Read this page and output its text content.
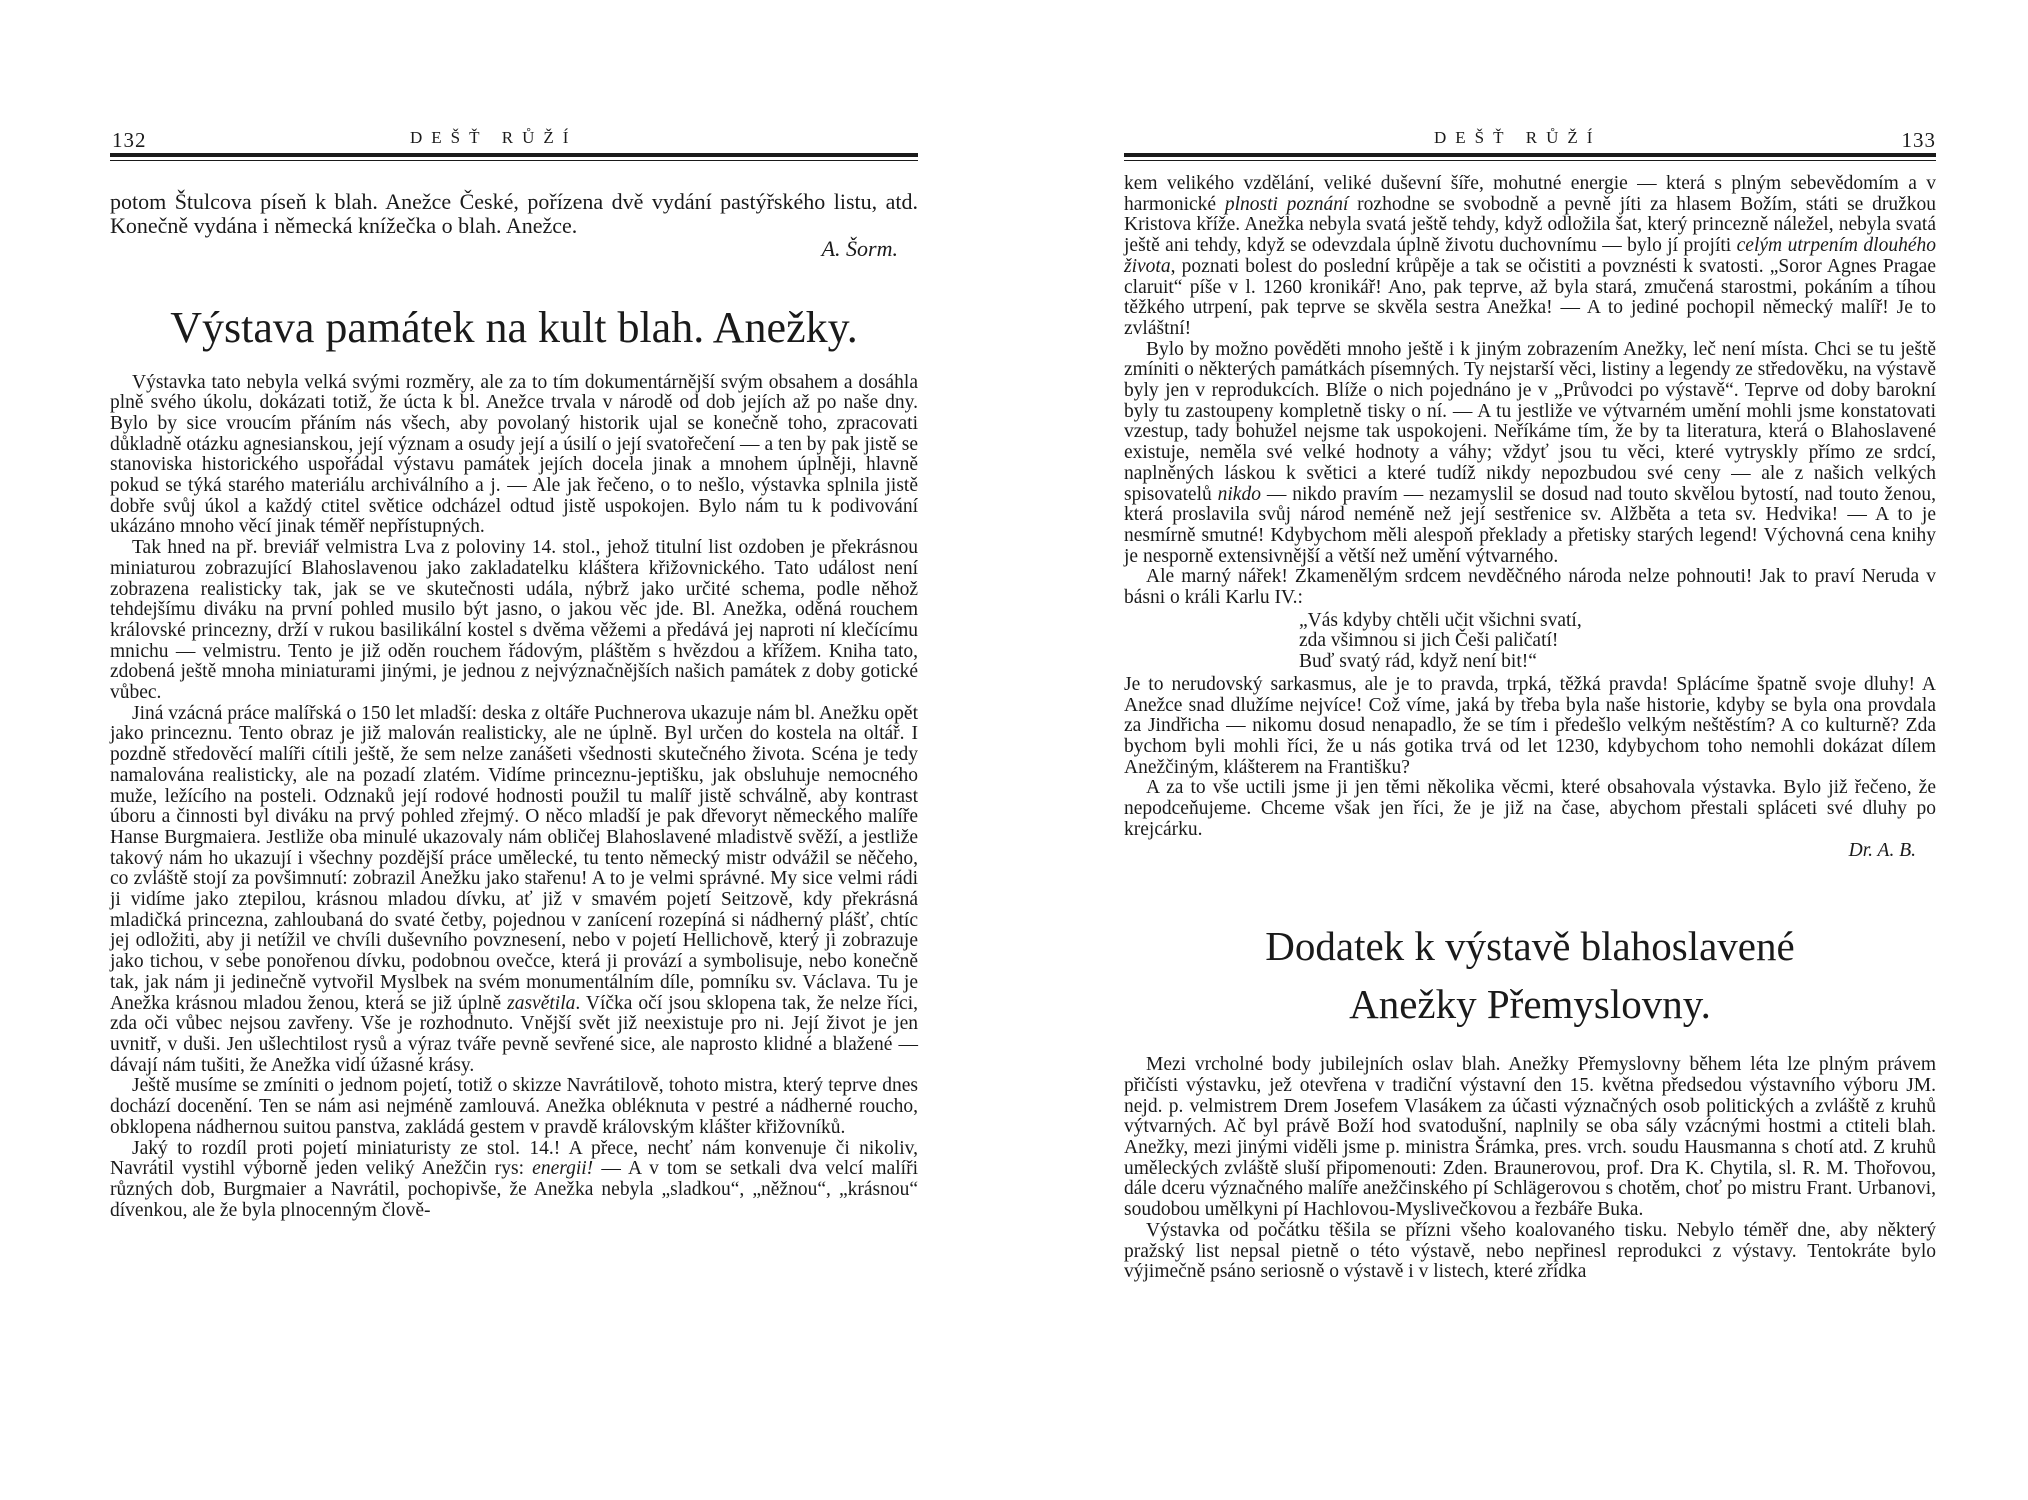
132	DEŠŤ RŮŽÍ

potom Štulcova píseň k blah. Anežce České, pořízena dvě vydání pastýřského listu, atd. Konečně vydána i německá knížečka o blah. Anežce.

A. Šorm.

Výstava památek na kult blah. Anežky.

Výstavka tato nebyla velká svými rozměry, ale za to tím dokumentárnější svým obsahem a dosáhla plně svého úkolu, dokázati totiž, že úcta k bl. Anežce trvala v národě od dob jejích až po naše dny. Bylo by sice vroucím přáním nás všech, aby povolaný historik ujal se konečně toho, zpracovati důkladně otázku agnesianskou, její význam a osudy její a úsilí o její svatořečení — a ten by pak jistě se stanoviska historického uspořádal výstavu památek jejích docela jinak a mnohem úplněji, hlavně pokud se týká starého materiálu archiválního a j. — Ale jak řečeno, o to nešlo, výstavka splnila jistě dobře svůj úkol a každý ctitel světice odcházel odtud jistě uspokojen. Bylo nám tu k podivování ukázáno mnoho věcí jinak téměř nepřístupných.

Tak hned na př. breviář velmistra Lva z poloviny 14. stol., jehož titulní list ozdoben je překrásnou miniaturou zobrazující Blahoslavenou jako zakladatelku kláštera křižovnického. Tato událost není zobrazena realisticky tak, jak se ve skutečnosti udála, nýbrž jako určité schema, podle něhož tehdejšímu diváku na první pohled musilo být jasno, o jakou věc jde. Bl. Anežka, oděná rouchem královské princezny, drží v rukou basilikální kostel s dvěma věžemi a předává jej naproti ní klečícímu mnichu — velmistru. Tento je již oděn rouchem řádovým, pláštěm s hvězdou a křížem. Kniha tato, zdobená ještě mnoha miniaturami jinými, je jednou z nejvýznačnějších našich památek z doby gotické vůbec.

Jiná vzácná práce malířská o 150 let mladší: deska z oltáře Puchnerova ukazuje nám bl. Anežku opět jako princeznu. Tento obraz je již malován realisticky, ale ne úplně. Byl určen do kostela na oltář. I pozdně středověcí malíři cítili ještě, že sem nelze zanášeti všednosti skutečného života. Scéna je tedy namalována realisticky, ale na pozadí zlatém. Vidíme princeznu-jeptišku, jak obsluhuje nemocného muže, ležícího na posteli. Odznaků její rodové hodnosti použil tu malíř jistě schválně, aby kontrast úboru a činnosti byl diváku na prvý pohled zřejmý. O něco mladší je pak dřevoryt německého malíře Hanse Burgmaiera. Jestliže oba minulé ukazovaly nám obličej Blahoslavené mladistvě svěží, a jestliže takový nám ho ukazují i všechny pozdější práce umělecké, tu tento německý mistr odvážil se něčeho, co zvláště stojí za povšimnutí: zobrazil Anežku jako stařenu! A to je velmi správné. My sice velmi rádi ji vidíme jako ztepilou, krásnou mladou dívku, ať již v smavém pojetí Seitzově, kdy překrásná mladičká princezna, zahloubaná do svaté četby, pojednou v zanícení rozepíná si nádherný plášť, chtíc jej odložiti, aby ji netížil ve chvíli duševního povznesení, nebo v pojetí Hellichově, který ji zobrazuje jako tichou, v sebe ponořenou dívku, podobnou ovečce, která ji provází a symbolisuje, nebo konečně tak, jak nám ji jedinečně vytvořil Myslbek na svém monumentálním díle, pomníku sv. Václava. Tu je Anežka krásnou mladou ženou, která se již úplně zasvětila. Víčka očí jsou sklopena tak, že nelze říci, zda oči vůbec nejsou zavřeny. Vše je rozhodnuto. Vnější svět již neexistuje pro ni. Její život je jen uvnitř, v duši. Jen ušlechtilost rysů a výraz tváře pevně sevřené sice, ale naprosto klidné a blažené — dávají nám tušiti, že Anežka vidí úžasné krásy.

Ještě musíme se zmíniti o jednom pojetí, totiž o skizze Navrátilově, tohoto mistra, který teprve dnes dochází docenění. Ten se nám asi nejméně zamlouvá. Anežka obléknuta v pestré a nádherné roucho, obklopena nádhernou suitou panstva, zakládá gestem v pravdě královským klášter křižovníků.

Jaký to rozdíl proti pojetí miniaturisty ze stol. 14.! A přece, nechť nám konvenuje či nikoliv, Navrátil vystihl výborně jeden veliký Anežčin rys: energii! — A v tom se setkali dva velcí malíři různých dob, Burgmaier a Navrátil, pochopivše, že Anežka nebyla „sladkou“, „něžnou“, „krásnou“ dívenkou, ale že byla plnocenným člově-

DEŠŤ RŮŽÍ	133

kem velikého vzdělání, veliké duševní šíře, mohutné energie — která s plným sebevědomím a v harmonické plnosti poznání rozhodne se svobodně a pevně jíti za hlasem Božím, státi se družkou Kristova kříže. Anežka nebyla svatá ještě tehdy, když odložila šat, který princezně náležel, nebyla svatá ještě ani tehdy, když se odevzdala úplně životu duchovnímu — bylo jí projíti celým utrpením dlouhého života, poznati bolest do poslední krůpěje a tak se očistiti a povznésti k svatosti. „Soror Agnes Pragae claruit“ píše v l. 1260 kronikář! Ano, pak teprve, až byla stará, zmučená starostmi, pokáním a tíhou těžkého utrpení, pak teprve se skvěla sestra Anežka! — A to jediné pochopil německý malíř! Je to zvláštní!

Bylo by možno pověděti mnoho ještě i k jiným zobrazením Anežky, leč není místa. Chci se tu ještě zmíniti o některých památkách písemných. Ty nejstarší věci, listiny a legendy ze středověku, na výstavě byly jen v reprodukcích. Blíže o nich pojednáno je v „Průvodci po výstavě“. Teprve od doby barokní byly tu zastoupeny kompletně tisky o ní. — A tu jestliže ve výtvarném umění mohli jsme konstatovati vzestup, tady bohužel nejsme tak uspokojeni. Neříkáme tím, že by ta literatura, která o Blahoslavené existuje, neměla své velké hodnoty a váhy; vždyť jsou tu věci, které vytryskly přímo ze srdcí, naplněných láskou k světici a které tudíž nikdy nepozbudou své ceny — ale z našich velkých spisovatelů nikdo — nikdo pravím — nezamyslil se dosud nad touto skvělou bytostí, nad touto ženou, která proslavila svůj národ neméně než její sestřenice sv. Alžběta a teta sv. Hedvika! — A to je nesmírně smutné! Kdybychom měli alespoň překlady a přetisky starých legend! Výchovná cena knihy je nesporně extensivnější a větší než umění výtvarného.

Ale marný nářek! Zkamenělým srdcem nevděčného národa nelze pohnouti! Jak to praví Neruda v básni o králi Karlu IV.:

„Vás kdyby chtěli učit všichni svatí,
zda všimnou si jich Češi paličatí!
Buď svatý rád, když není bit!“

Je to nerudovský sarkasmus, ale je to pravda, trpká, těžká pravda! Splácíme špatně svoje dluhy! A Anežce snad dlužíme nejvíce! Což víme, jaká by třeba byla naše historie, kdyby se byla ona provdala za Jindřicha — nikomu dosud nenapadlo, že se tím i předešlo velkým neštěstím? A co kulturně? Zda bychom byli mohli říci, že u nás gotika trvá od let 1230, kdybychom toho nemohli dokázat dílem Anežčiným, klášterem na Františku?

A za to vše uctili jsme ji jen těmi několika věcmi, které obsahovala výstavka. Bylo již řečeno, že nepodceňujeme. Chceme však jen říci, že je již na čase, abychom přestali spláceti své dluhy po krejcárku.

Dr. A. B.

Dodatek k výstavě blahoslavené
Anežky Přemyslovny.

Mezi vrcholné body jubilejních oslav blah. Anežky Přemyslovny během léta lze plným právem přičísti výstavku, jež otevřena v tradiční výstavní den 15. května předsedou výstavního výboru JM. nejd. p. velmistrem Drem Josefem Vlasákem za účasti význačných osob politických a zvláště z kruhů výtvarných. Ač byl právě Boží hod svatodušní, naplnily se oba sály vzácnými hostmi a ctiteli blah. Anežky, mezi jinými viděli jsme p. ministra Šrámka, pres. vrch. soudu Hausmanna s chotí atd. Z kruhů uměleckých zvláště sluší připomenouti: Zden. Braunerovou, prof. Dra K. Chytila, sl. R. M. Thořovou, dále dceru význačného malíře anežčinského pí Schlägerovou s chotěm, choť po mistru Frant. Urbanovi, soudobou umělkyni pí Hachlovou-Myslivečkovou a řezbáře Buka.

Výstavka od počátku těšila se přízni všeho koalovaného tisku. Nebylo téměř dne, aby některý pražský list nepsal pietně o této výstavě, nebo nepřinesl reprodukci z výstavy. Tentokráte bylo výjimečně psáno seriosně o výstavě i v listech, které zřídka
